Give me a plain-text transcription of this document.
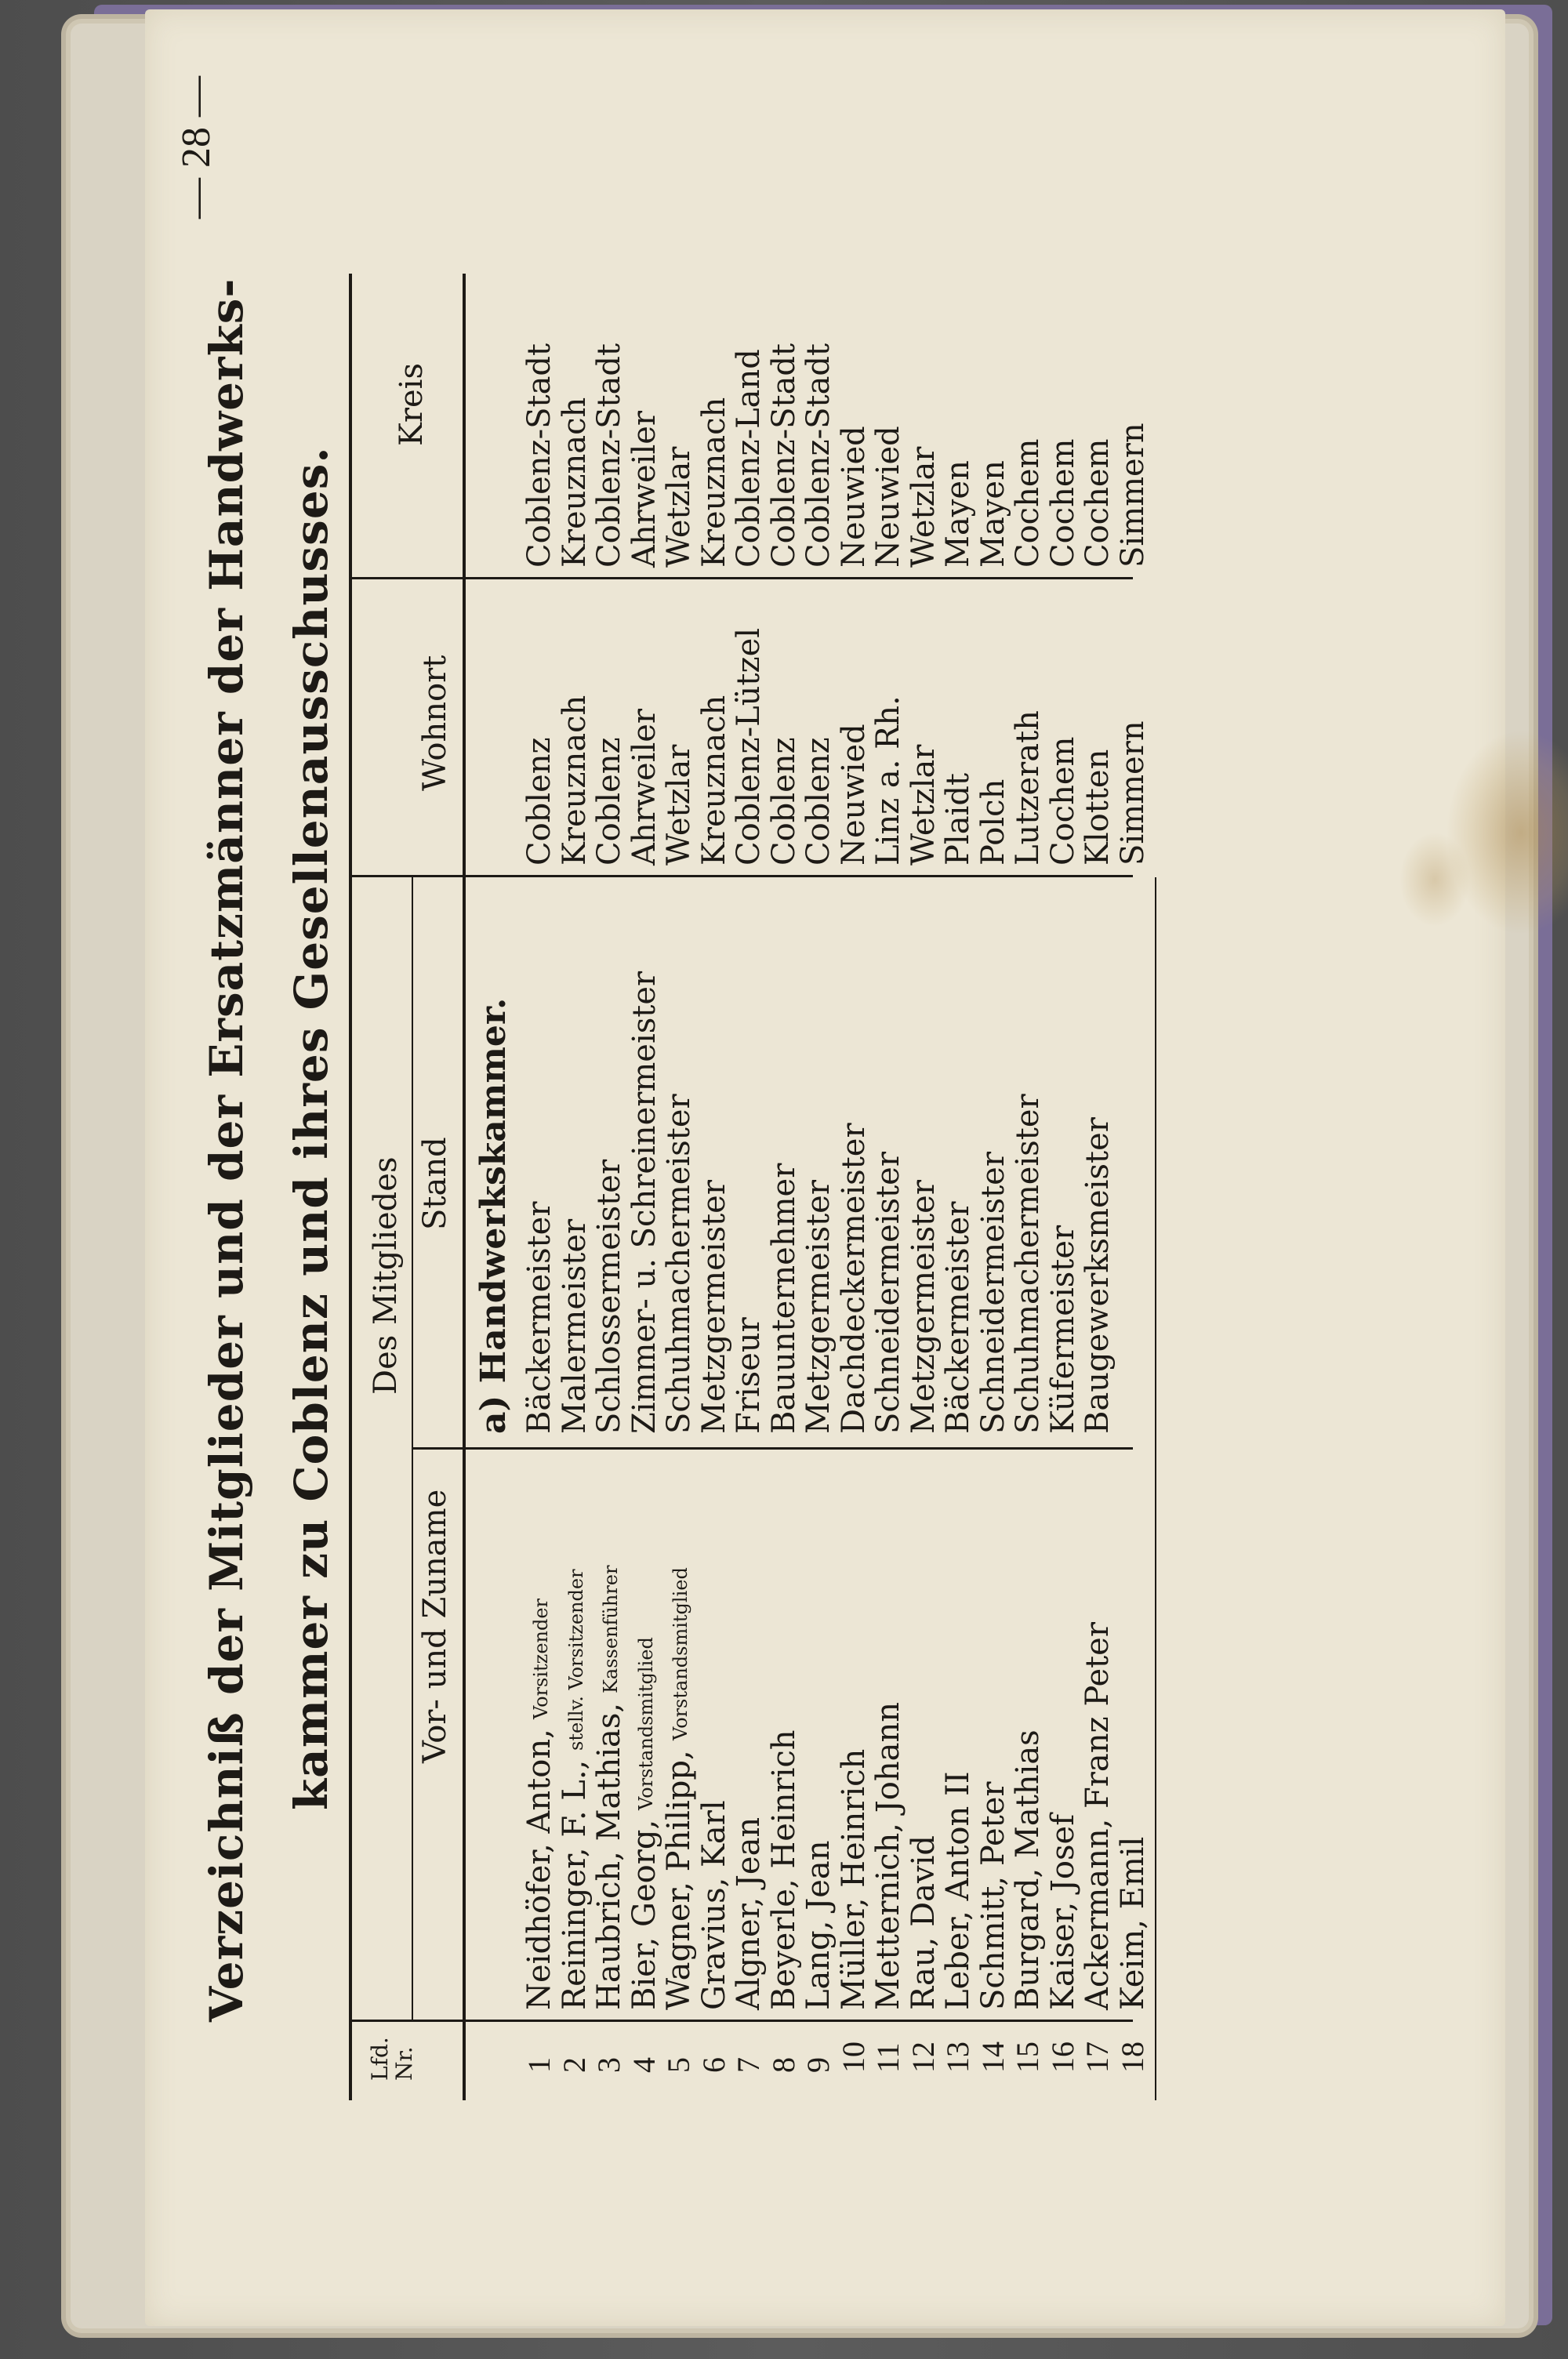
— 28 —
Verzeichniß der Mitglieder und der Ersatzmänner der Handwerks- kammer zu Coblenz und ihres Gesellenausschusses.
Lfd. Nr.
Des Mitgliedes
Vor- und Zuname
Stand
Wohnort
Kreis
a) Handwerkskammer.
1
Neidhöfer, Anton,
Vorsitzender
Bäckermeister
Coblenz
Coblenz-Stadt
2
Reininger, F. L.,
stellv. Vorsitzender
Malermeister
Kreuznach
Kreuznach
3
Haubrich, Mathias,
Kassenführer
Schlossermeister
Coblenz
Coblenz-Stadt
4
Bier, Georg,
Vorstandsmitglied
Zimmer- u. Schreinermeister
Ahrweiler
Ahrweiler
5
Wagner, Philipp,
Vorstandsmitglied
Schuhmachermeister
Wetzlar
Wetzlar
6
Gravius, Karl
Metzgermeister
Kreuznach
Kreuznach
7
Algner, Jean
Friseur
Coblenz-Lützel
Coblenz-Land
8
Beyerle, Heinrich
Bauunternehmer
Coblenz
Coblenz-Stadt
9
Lang, Jean
Metzgermeister
Coblenz
Coblenz-Stadt
10
Müller, Heinrich
Dachdeckermeister
Neuwied
Neuwied
11
Metternich, Johann
Schneidermeister
Linz a. Rh.
Neuwied
12
Rau, David
Metzgermeister
Wetzlar
Wetzlar
13
Leber, Anton II
Bäckermeister
Plaidt
Mayen
14
Schmitt, Peter
Schneidermeister
Polch
Mayen
15
Burgard, Mathias
Schuhmachermeister
Lutzerath
Cochem
16
Kaiser, Josef
Küfermeister
Cochem
Cochem
17
Ackermann, Franz Peter
Baugewerksmeister
Klotten
Cochem
18
Keim, Emil
Simmern
Simmern
